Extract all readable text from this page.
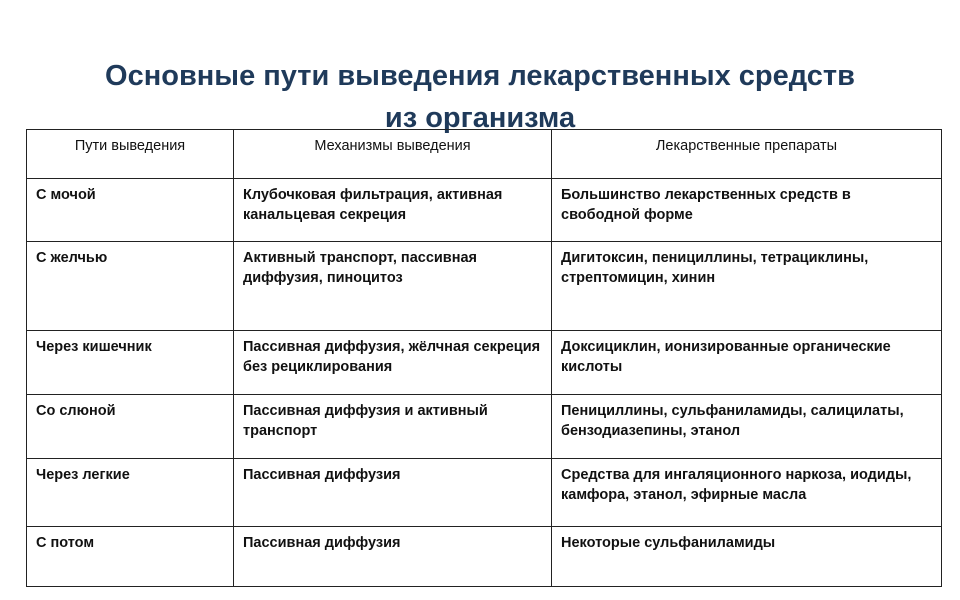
Основные пути выведения лекарственных средств
из организма
Пути выведения	Механизмы выведения	Лекарственные препараты
С мочой	Клубочковая фильтрация, активная канальцевая секреция	Большинство лекарственных средств в свободной форме
С желчью	Активный транспорт, пассивная диффузия, пиноцитоз	Дигитоксин, пенициллины, тетрациклины, стрептомицин, хинин
Через кишечник	Пассивная диффузия, жёлчная секреция без рециклирования	Доксициклин, ионизированные органические кислоты
Со слюной	Пассивная диффузия и активный транспорт	Пенициллины, сульфаниламиды, салицилаты, бензодиазепины, этанол
Через легкие	Пассивная диффузия	Средства для ингаляционного наркоза, иодиды, камфора, этанол, эфирные масла
С потом	Пассивная диффузия	Некоторые сульфаниламиды
